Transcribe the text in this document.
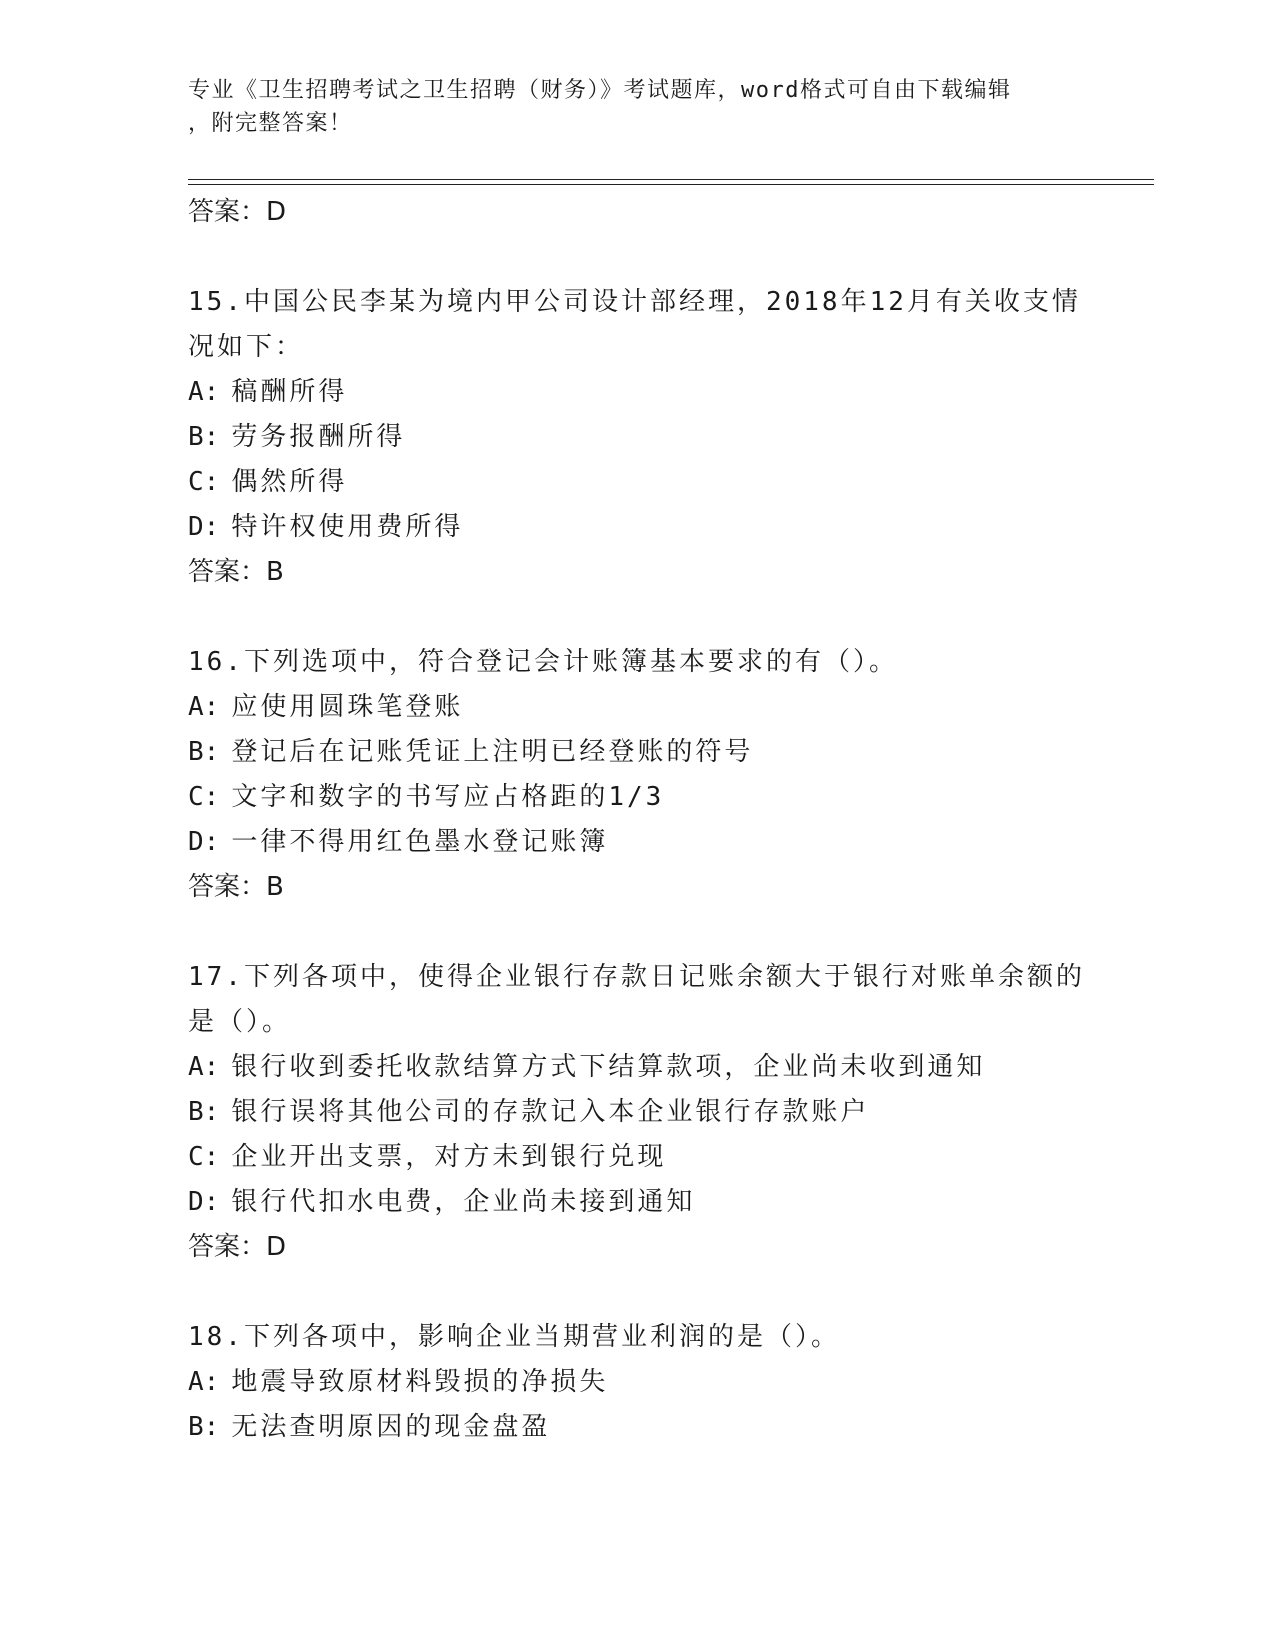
专业《卫生招聘考试之卫生招聘（财务）》考试题库，word格式可自由下载编辑
，附完整答案！
答案：D
15.中国公民李某为境内甲公司设计部经理，2018年12月有关收支情
况如下：
A: 稿酬所得
B: 劳务报酬所得
C: 偶然所得
D: 特许权使用费所得
答案：B
16.下列选项中，符合登记会计账簿基本要求的有（）。
A: 应使用圆珠笔登账
B: 登记后在记账凭证上注明已经登账的符号
C: 文字和数字的书写应占格距的1/3
D: 一律不得用红色墨水登记账簿
答案：B
17.下列各项中，使得企业银行存款日记账余额大于银行对账单余额的
是（）。
A: 银行收到委托收款结算方式下结算款项，企业尚未收到通知
B: 银行误将其他公司的存款记入本企业银行存款账户
C: 企业开出支票，对方未到银行兑现
D: 银行代扣水电费，企业尚未接到通知
答案：D
18.下列各项中，影响企业当期营业利润的是（）。
A: 地震导致原材料毁损的净损失
B: 无法查明原因的现金盘盈
